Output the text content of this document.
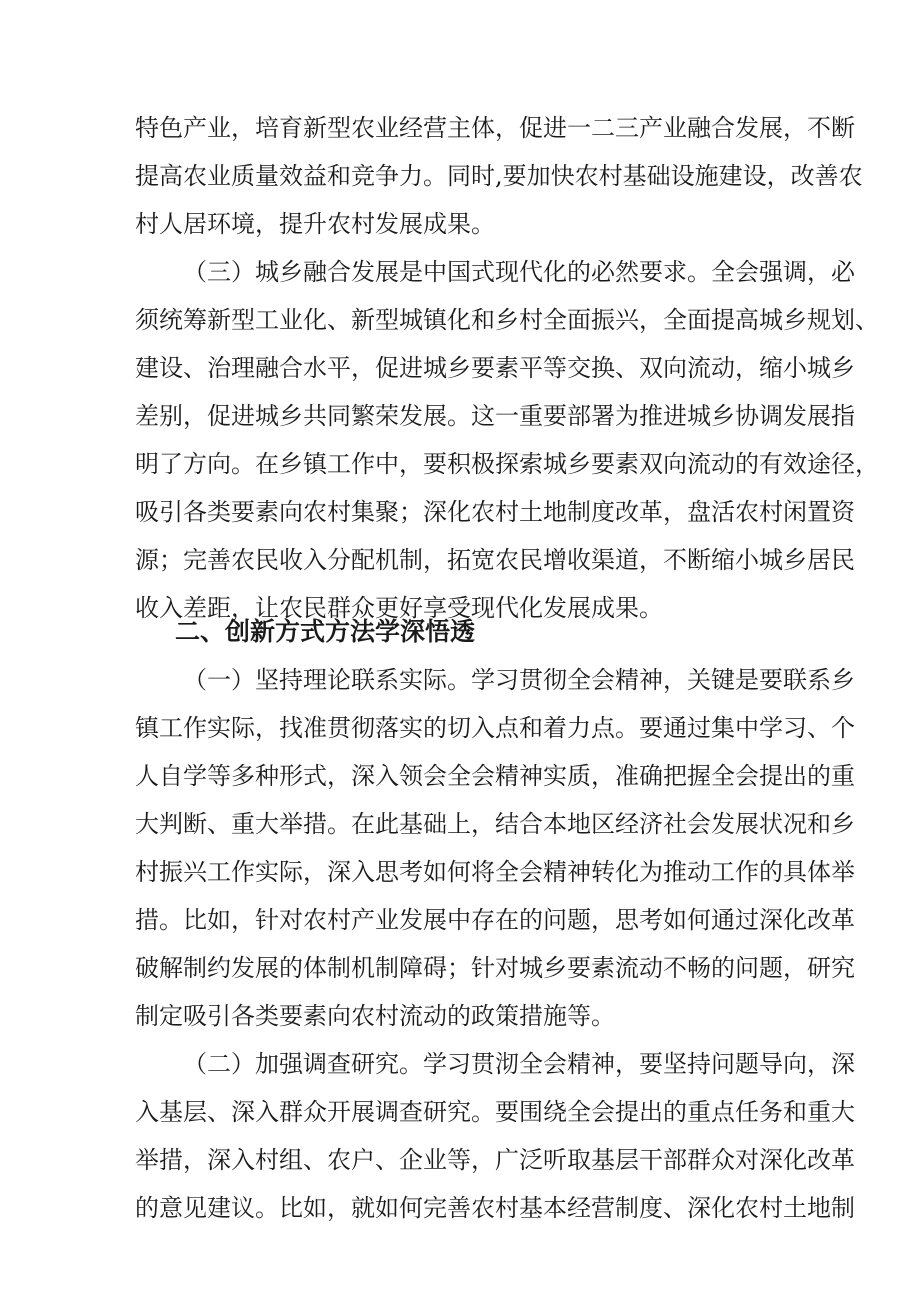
特色产业，培育新型农业经营主体，促进一二三产业融合发展，不断
提高农业质量效益和竞争力。同时,要加快农村基础设施建设，改善农
村人居环境，提升农村发展成果。
（三）城乡融合发展是中国式现代化的必然要求。全会强调，必
须统筹新型工业化、新型城镇化和乡村全面振兴，全面提高城乡规划、
建设、治理融合水平，促进城乡要素平等交换、双向流动，缩小城乡
差别，促进城乡共同繁荣发展。这一重要部署为推进城乡协调发展指
明了方向。在乡镇工作中，要积极探索城乡要素双向流动的有效途径，
吸引各类要素向农村集聚；深化农村土地制度改革，盘活农村闲置资
源；完善农民收入分配机制，拓宽农民增收渠道，不断缩小城乡居民
收入差距，让农民群众更好享受现代化发展成果。
二、创新方式方法学深悟透
（一）坚持理论联系实际。学习贯彻全会精神，关键是要联系乡
镇工作实际，找准贯彻落实的切入点和着力点。要通过集中学习、个
人自学等多种形式，深入领会全会精神实质，准确把握全会提出的重
大判断、重大举措。在此基础上，结合本地区经济社会发展状况和乡
村振兴工作实际，深入思考如何将全会精神转化为推动工作的具体举
措。比如，针对农村产业发展中存在的问题，思考如何通过深化改革
破解制约发展的体制机制障碍；针对城乡要素流动不畅的问题，研究
制定吸引各类要素向农村流动的政策措施等。
（二）加强调查研究。学习贯沏全会精神，要坚持问题导向，深
入基层、深入群众开展调查研究。要围绕全会提出的重点任务和重大
举措，深入村组、农户、企业等，广泛听取基层干部群众对深化改革
的意见建议。比如，就如何完善农村基本经营制度、深化农村土地制
